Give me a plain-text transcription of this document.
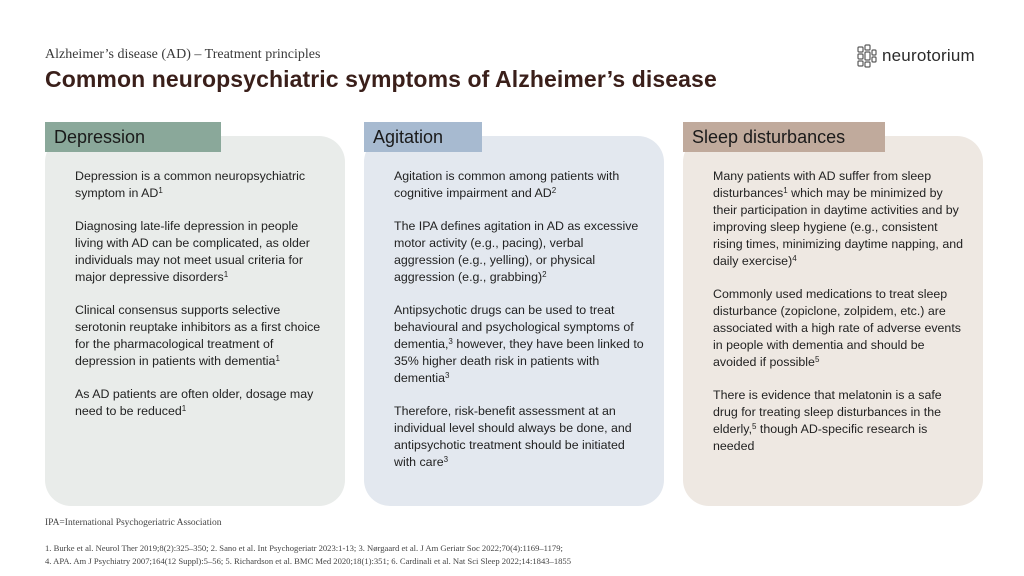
Alzheimer’s disease (AD) – Treatment principles
Common neuropsychiatric symptoms of Alzheimer’s disease
neurotorium
Depression	Agitation	Sleep disturbances

Depression is a common neuropsychiatric symptom in $AD^1$

Diagnosing late-life depression in people living with AD can be complicated, as older individuals may not meet usual criteria for major depressive disorders$^1$

Clinical consensus supports selective serotonin reuptake inhibitors as a first choice for the pharmacological treatment of depression in patients with dementia$^1$

As AD patients are often older, dosage may need to be reduced$^1$

Agitation is common among patients with cognitive impairment and $AD^2$

The IPA defines agitation in AD as excessive motor activity (e.g., pacing), verbal aggression (e.g., yelling), or physical aggression (e.g., grabbing)$^2$

Antipsychotic drugs can be used to treat behavioural and psychological symptoms of dementia,$^3$ however, they have been linked to 35% higher death risk in patients with dementia$^3$

Therefore, risk-benefit assessment at an individual level should always be done, and antipsychotic treatment should be initiated with care$^3$

Many patients with AD suffer from sleep disturbances$^1$ which may be minimized by their participation in daytime activities and by improving sleep hygiene (e.g., consistent rising times, minimizing daytime napping, and daily exercise)$^4$

Commonly used medications to treat sleep disturbance (zopiclone, zolpidem, etc.) are associated with a high rate of adverse events in people with dementia and should be avoided if possible$^5$

There is evidence that melatonin is a safe drug for treating sleep disturbances in the elderly,$^5$ though AD-specific research is needed

IPA=International Psychogeriatric Association
1. Burke et al. Neurol Ther 2019;8(2):325–350; 2. Sano et al. Int Psychogeriatr 2023:1-13; 3. Nørgaard et al. J Am Geriatr Soc 2022;70(4):1169–1179;
4. APA. Am J Psychiatry 2007;164(12 Suppl):5–56; 5. Richardson et al. BMC Med 2020;18(1):351; 6. Cardinali et al. Nat Sci Sleep 2022;14:1843–1855
